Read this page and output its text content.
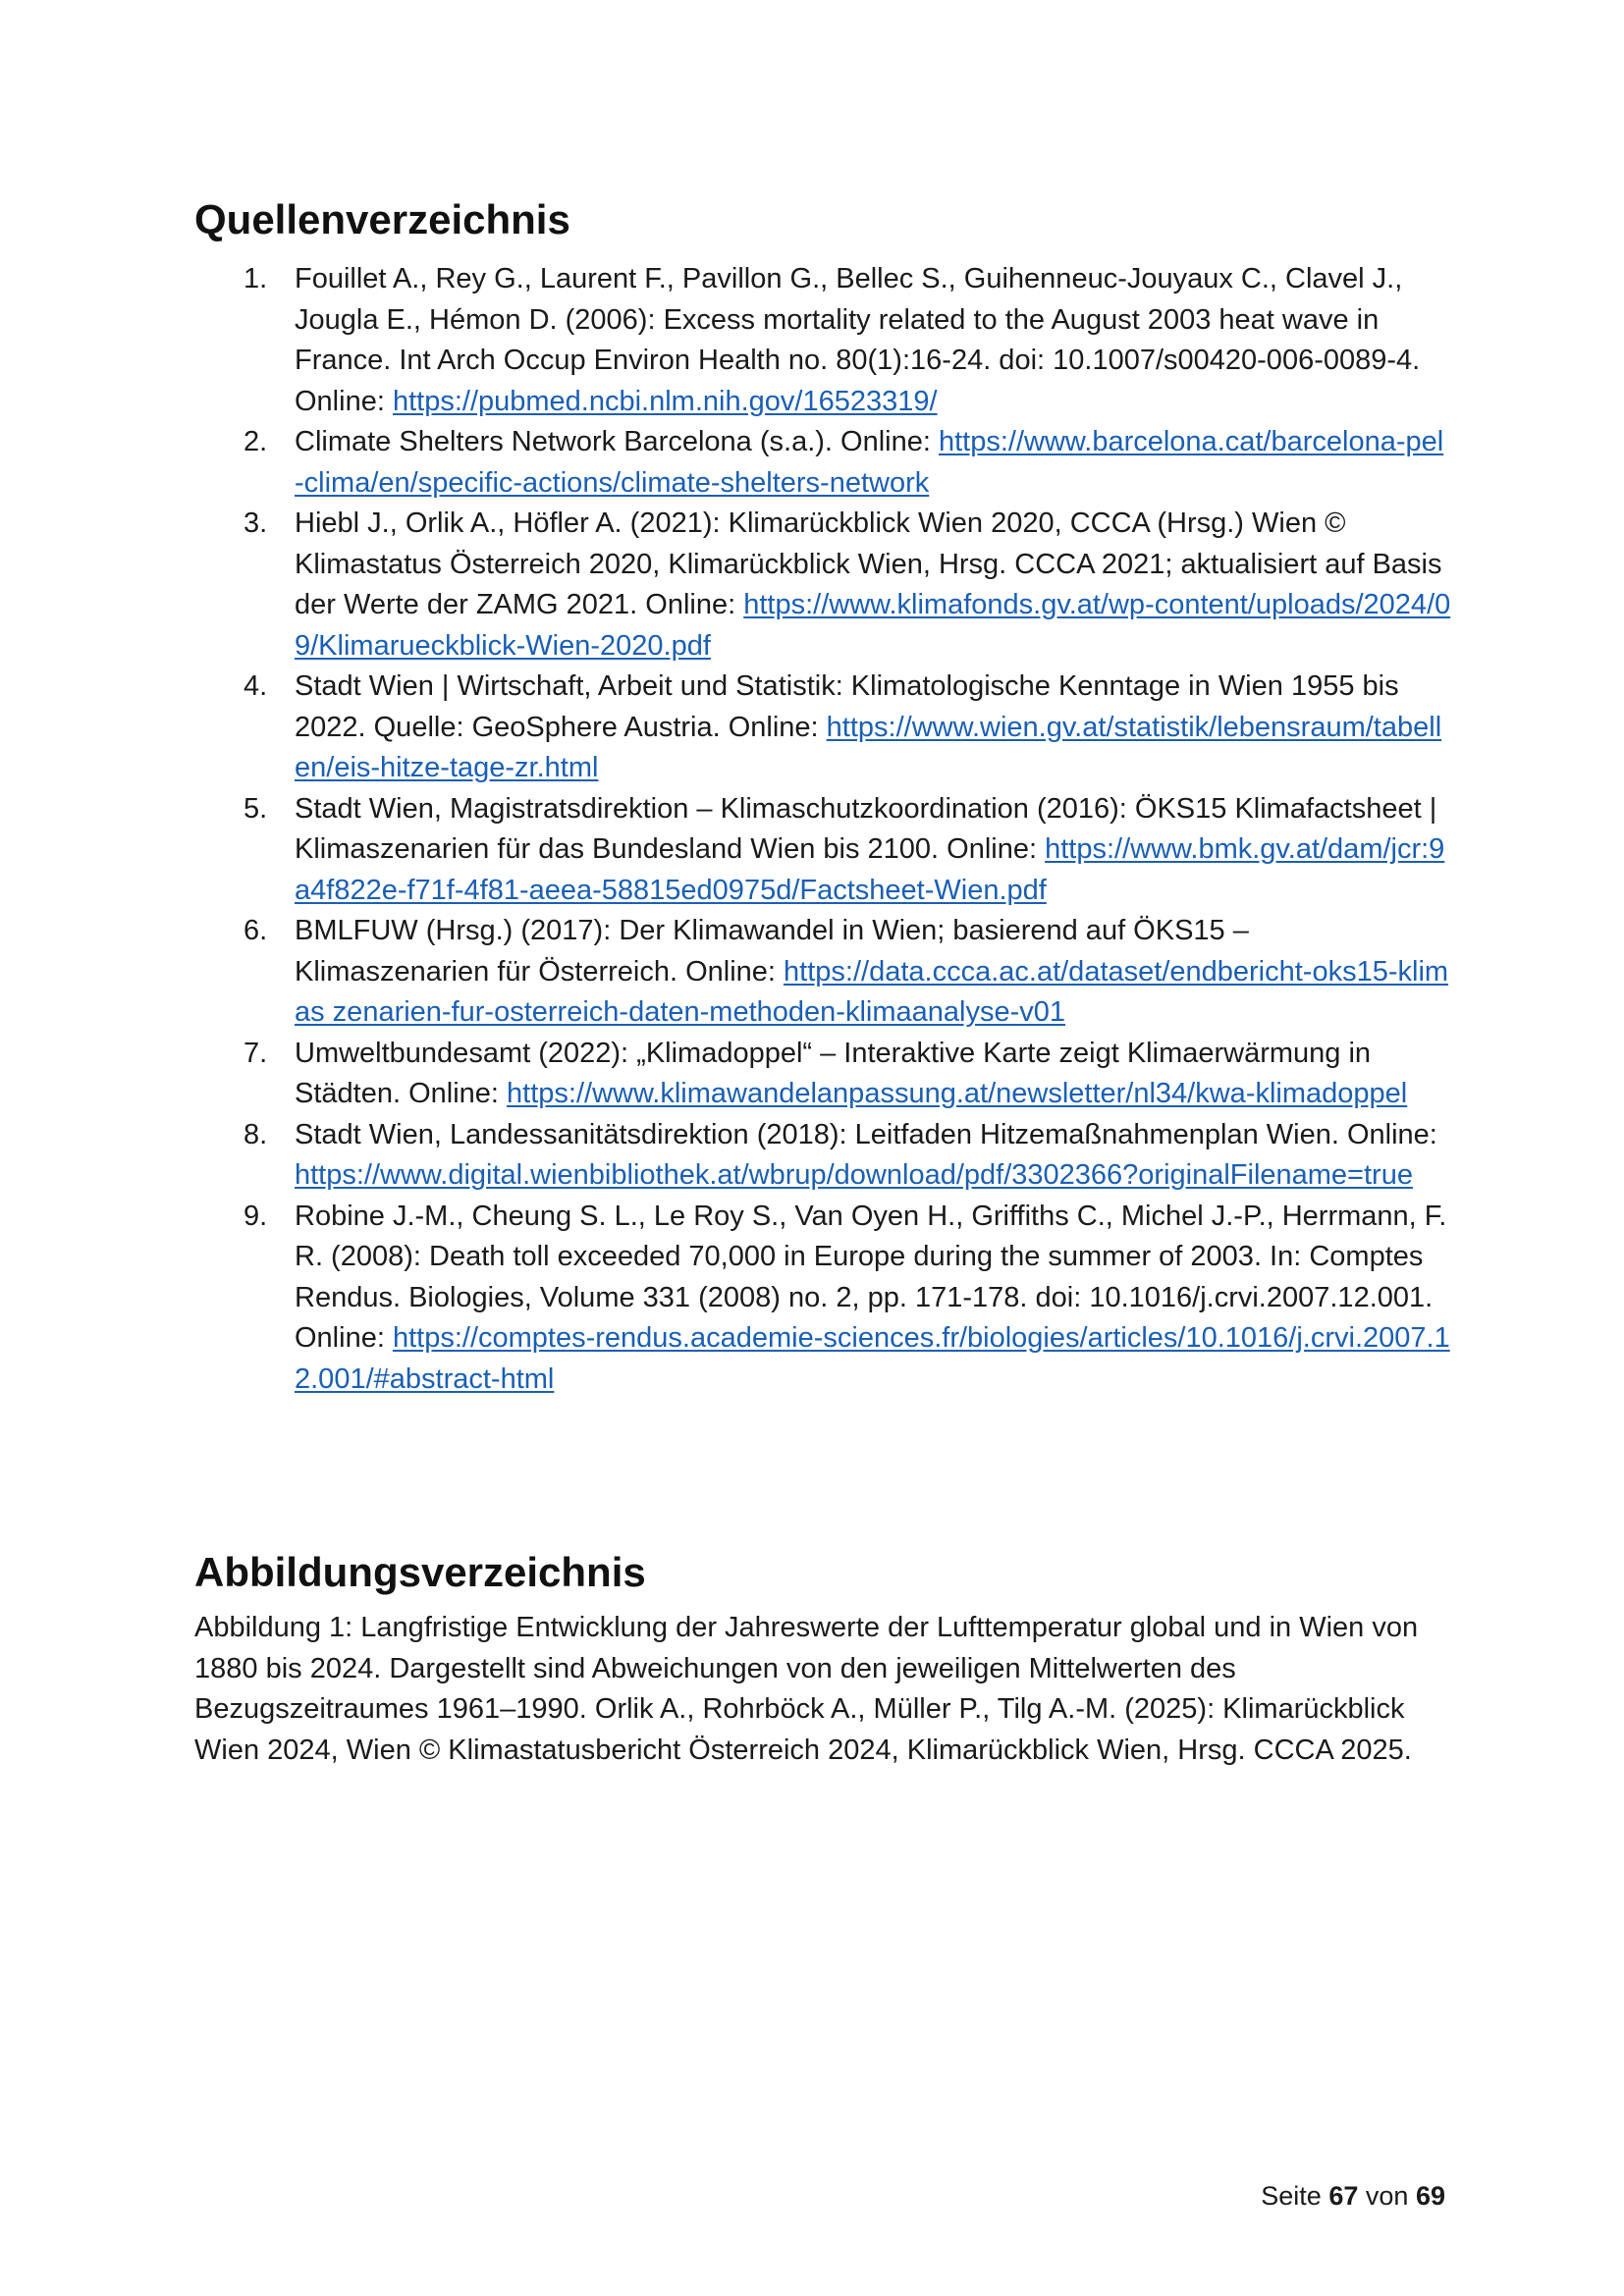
Quellenverzeichnis
1. Fouillet A., Rey G., Laurent F., Pavillon G., Bellec S., Guihenneuc-Jouyaux C., Clavel J., Jougla E., Hémon D. (2006): Excess mortality related to the August 2003 heat wave in France. Int Arch Occup Environ Health no. 80(1):16-24. doi: 10.1007/s00420-006-0089-4. Online: https://pubmed.ncbi.nlm.nih.gov/16523319/
2. Climate Shelters Network Barcelona (s.a.). Online: https://www.barcelona.cat/barcelona-pel-clima/en/specific-actions/climate-shelters-network
3. Hiebl J., Orlik A., Höfler A. (2021): Klimarückblick Wien 2020, CCCA (Hrsg.) Wien © Klimastatus Österreich 2020, Klimarückblick Wien, Hrsg. CCCA 2021; aktualisiert auf Basis der Werte der ZAMG 2021. Online: https://www.klimafonds.gv.at/wp-content/uploads/2024/09/Klimarueckblick-Wien-2020.pdf
4. Stadt Wien | Wirtschaft, Arbeit und Statistik: Klimatologische Kenntage in Wien 1955 bis 2022. Quelle: GeoSphere Austria. Online: https://www.wien.gv.at/statistik/lebensraum/tabellen/eis-hitze-tage-zr.html
5. Stadt Wien, Magistratsdirektion – Klimaschutzkoordination (2016): ÖKS15 Klimafactsheet | Klimaszenarien für das Bundesland Wien bis 2100. Online: https://www.bmk.gv.at/dam/jcr:9a4f822e-f71f-4f81-aeea-58815ed0975d/Factsheet-Wien.pdf
6. BMLFUW (Hrsg.) (2017): Der Klimawandel in Wien; basierend auf ÖKS15 – Klimaszenarien für Österreich. Online: https://data.ccca.ac.at/dataset/endbericht-oks15-klimas zenarien-fur-osterreich-daten-methoden-klimaanalyse-v01
7. Umweltbundesamt (2022): „Klimadoppel“ – Interaktive Karte zeigt Klimaerwärmung in Städten. Online: https://www.klimawandelanpassung.at/newsletter/nl34/kwa-klimadoppel
8. Stadt Wien, Landessanitätsdirektion (2018): Leitfaden Hitzemaßnahmenplan Wien. Online: https://www.digital.wienbibliothek.at/wbrup/download/pdf/3302366?originalFilename=true
9. Robine J.-M., Cheung S. L., Le Roy S., Van Oyen H., Griffiths C., Michel J.-P., Herrmann, F. R. (2008): Death toll exceeded 70,000 in Europe during the summer of 2003. In: Comptes Rendus. Biologies, Volume 331 (2008) no. 2, pp. 171-178. doi: 10.1016/j.crvi.2007.12.001. Online: https://comptes-rendus.academie-sciences.fr/biologies/articles/10.1016/j.crvi.2007.12.001/#abstract-html
Abbildungsverzeichnis

Abbildung 1: Langfristige Entwicklung der Jahreswerte der Lufttemperatur global und in Wien von 1880 bis 2024. Dargestellt sind Abweichungen von den jeweiligen Mittelwerten des Bezugszeitraumes 1961–1990. Orlik A., Rohrböck A., Müller P., Tilg A.-M. (2025): Klimarückblick Wien 2024, Wien © Klimastatusbericht Österreich 2024, Klimarückblick Wien, Hrsg. CCCA 2025.

Seite 67 von 69
